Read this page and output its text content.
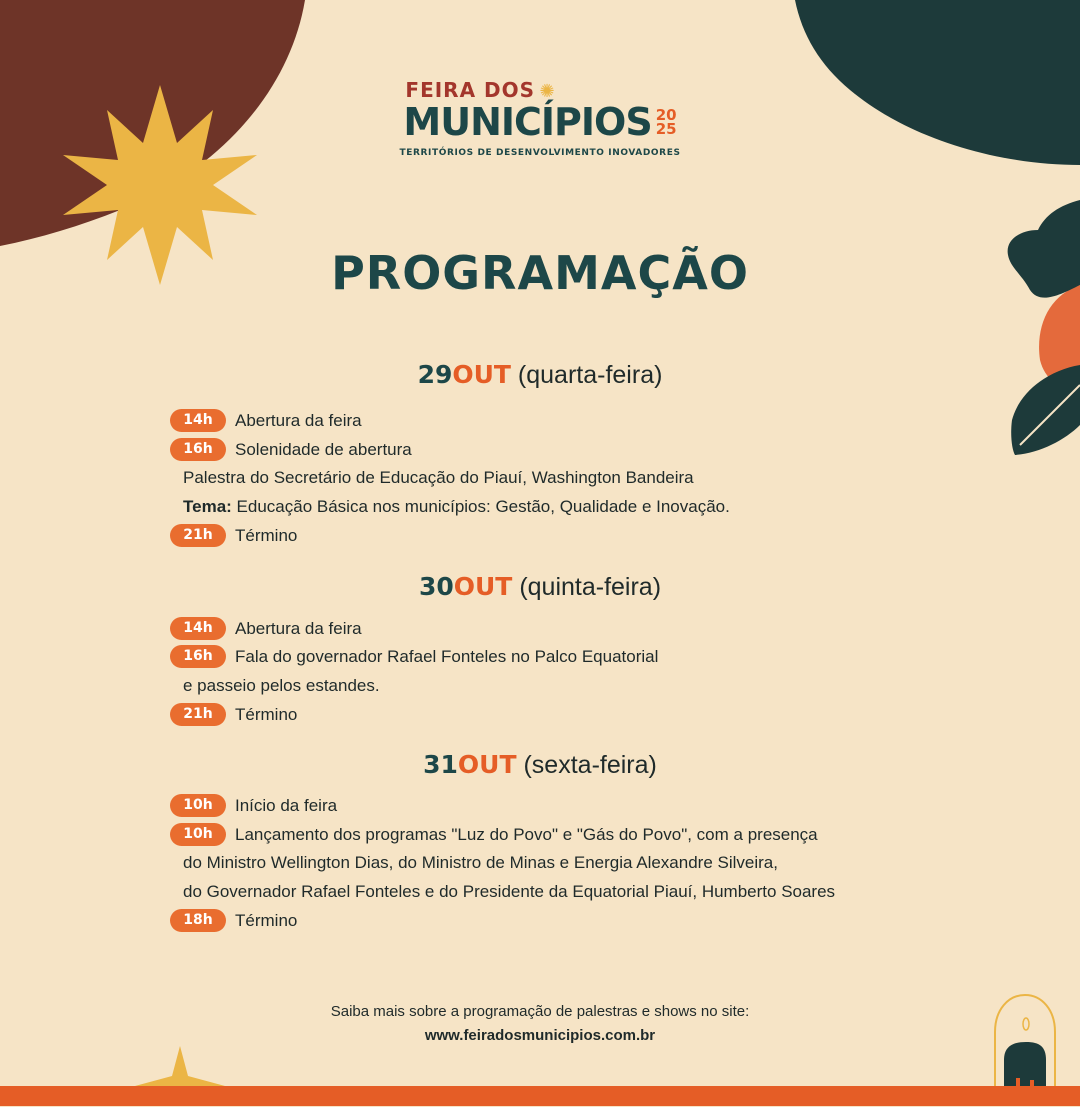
FEIRA DOS ✺
MUNICÍPIOS 20
25
TERRITÓRIOS DE DESENVOLVIMENTO INOVADORES
PROGRAMAÇÃO
29OUT (quarta-feira)
14h	Abertura da feira
16h	Solenidade de abertura
Palestra do Secretário de Educação do Piauí, Washington Bandeira
Tema: Educação Básica nos municípios: Gestão, Qualidade e Inovação.
21h	Término
30OUT (quinta-feira)
14h	Abertura da feira
16h	Fala do governador Rafael Fonteles no Palco Equatorial
e passeio pelos estandes.
21h	Término
31OUT (sexta-feira)
10h	Início da feira
10h	Lançamento dos programas "Luz do Povo" e "Gás do Povo", com a presença
do Ministro Wellington Dias, do Ministro de Minas e Energia Alexandre Silveira,
do Governador Rafael Fonteles e do Presidente da Equatorial Piauí, Humberto Soares
18h	Término
Saiba mais sobre a programação de palestras e shows no site:
www.feiradosmunicipios.com.br
